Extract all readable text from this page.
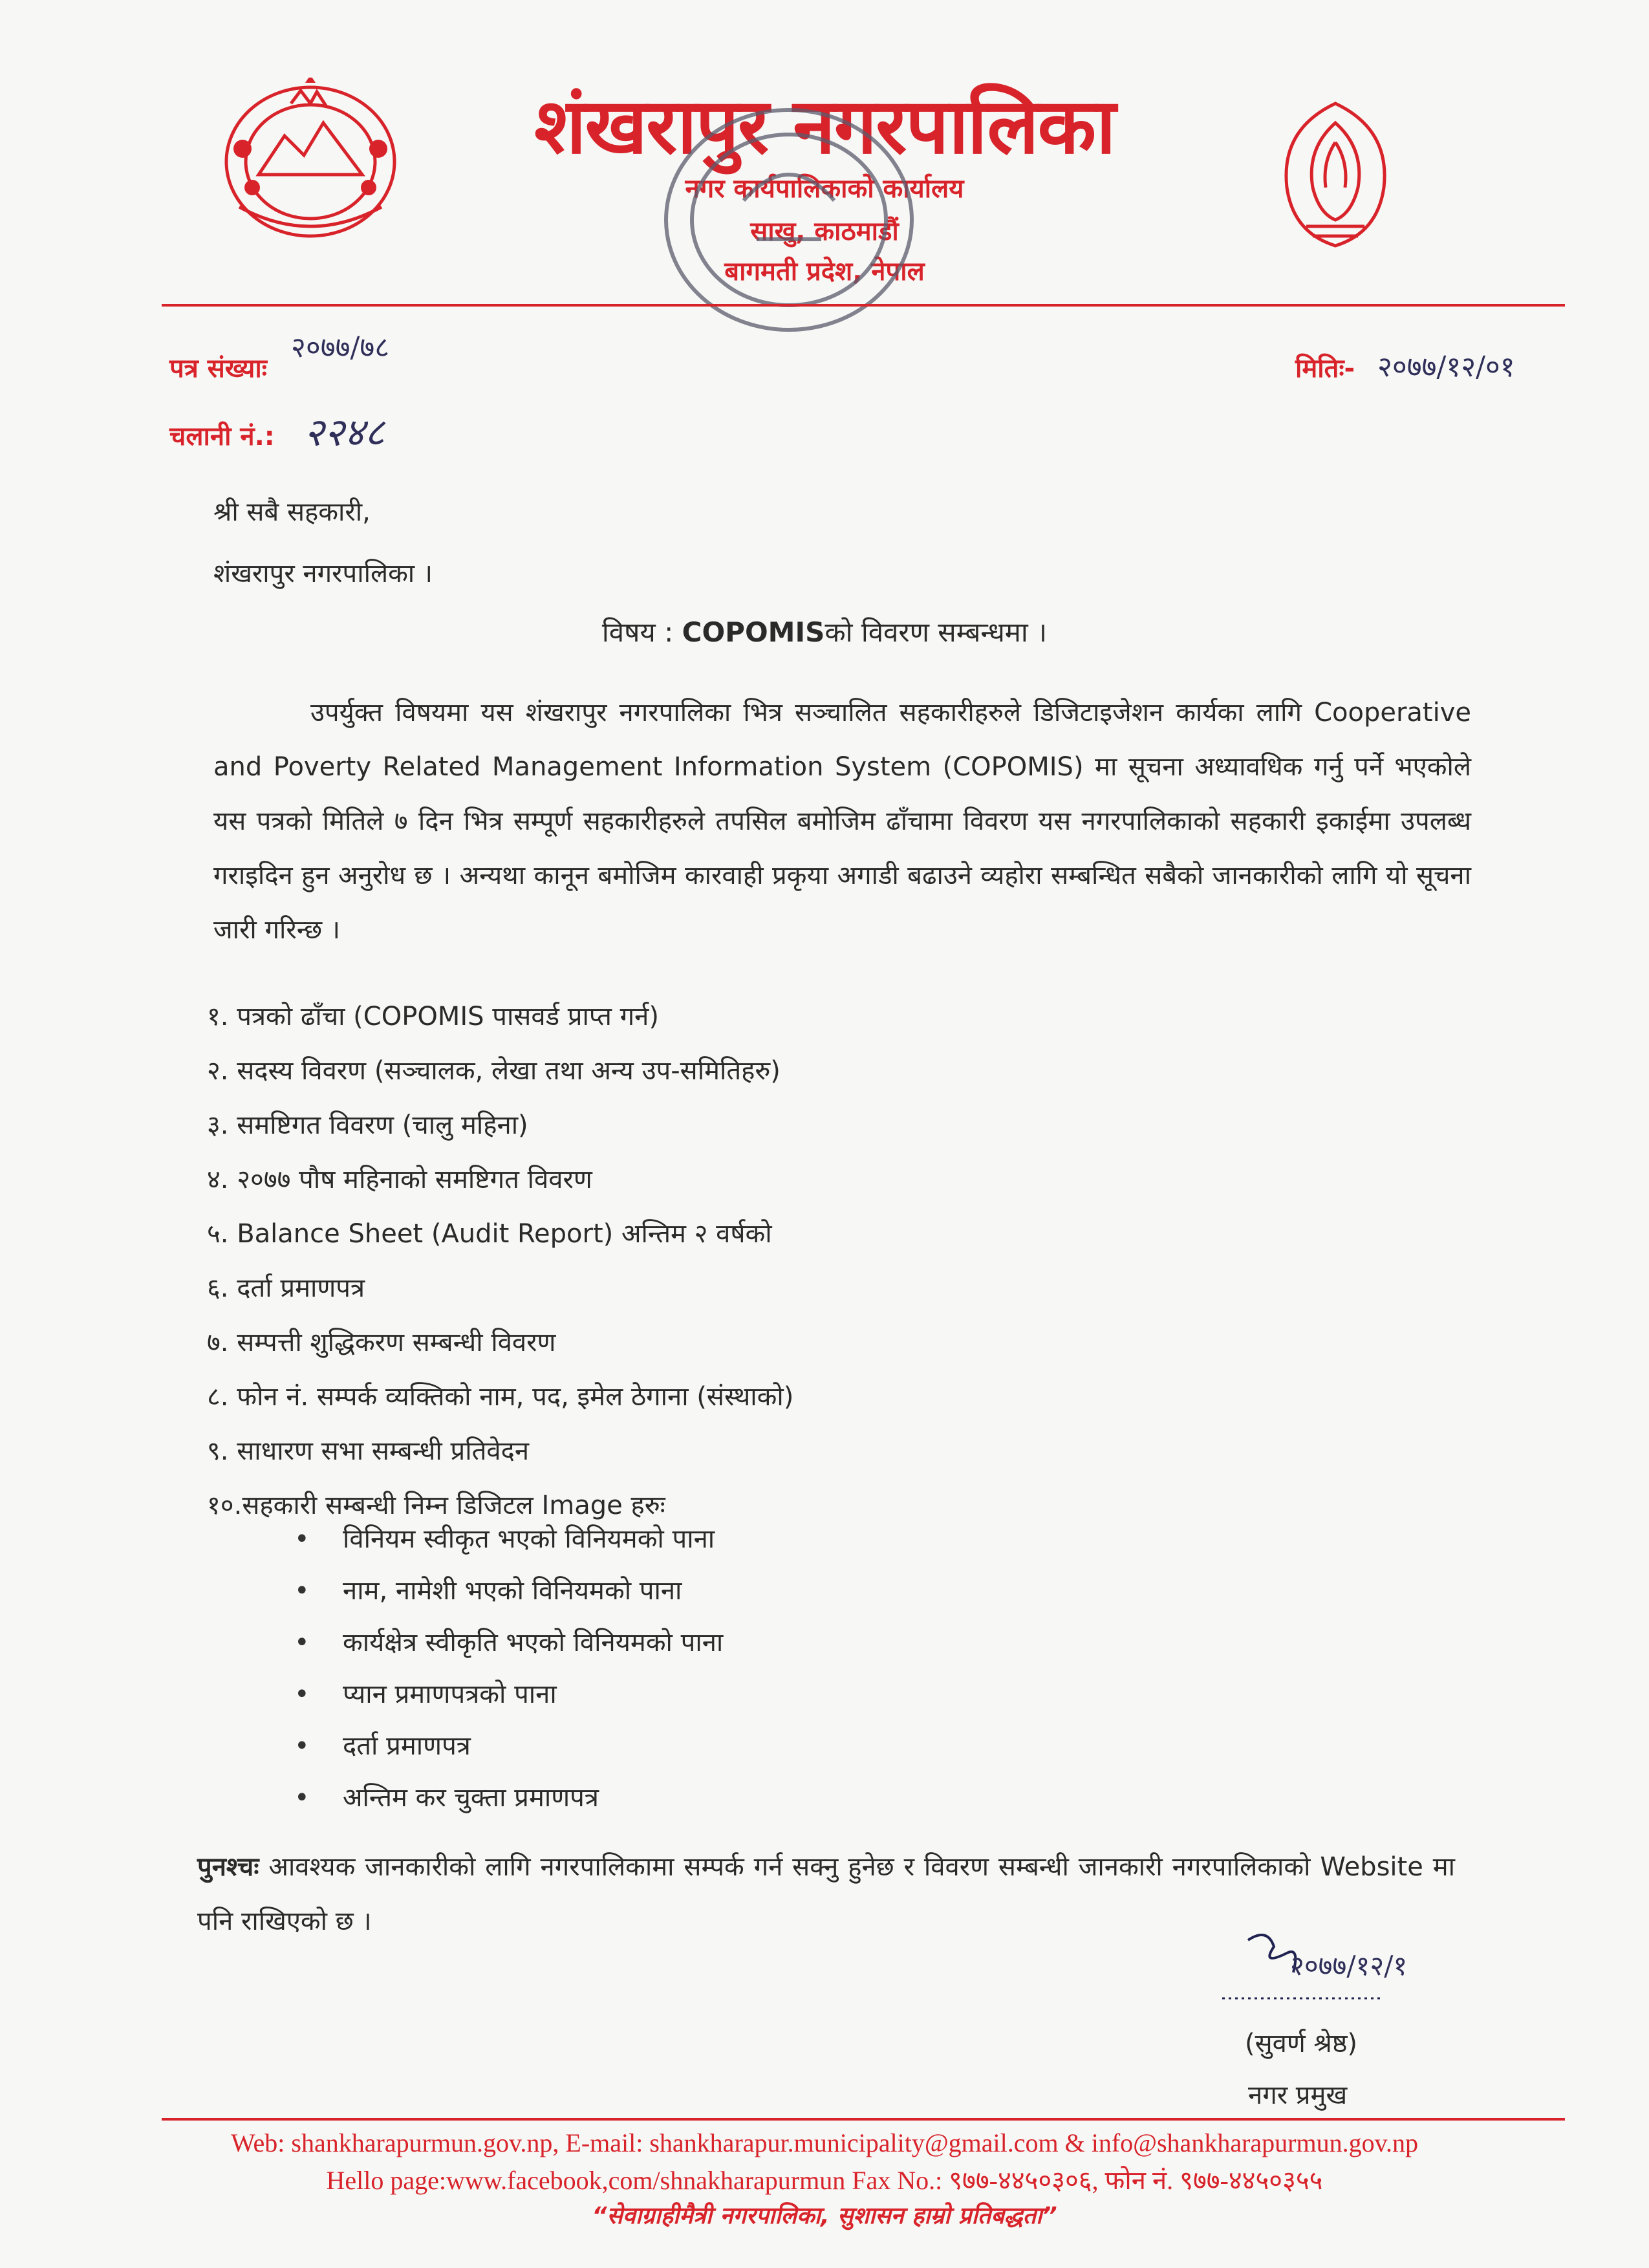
शंखरापुर नगरपालिका
नगर कार्यपालिकाको कार्यालय
साखु, काठमाडौं
बागमती प्रदेश, नेपाल
पत्र संख्याः
२०७७/७८
मितिः- २०७७/१२/०१
चलानी नं.: २२४८
श्री सबै सहकारी,
शंखरापुर नगरपालिका ।
विषय : COPOMISको विवरण सम्बन्धमा ।
उपर्युक्त विषयमा यस शंखरापुर नगरपालिका भित्र सञ्चालित सहकारीहरुले डिजिटाइजेशन कार्यका लागि Cooperative and Poverty Related Management Information System (COPOMIS) मा सूचना अध्यावधिक गर्नु पर्ने भएकोले यस पत्रको मितिले ७ दिन भित्र सम्पूर्ण सहकारीहरुले तपसिल बमोजिम ढाँचामा विवरण यस नगरपालिकाको सहकारी इकाईमा उपलब्ध गराइदिन हुन अनुरोध छ । अन्यथा कानून बमोजिम कारवाही प्रकृया अगाडी बढाउने व्यहोरा सम्बन्धित सबैको जानकारीको लागि यो सूचना जारी गरिन्छ ।
१. पत्रको ढाँचा (COPOMIS पासवर्ड प्राप्त गर्न)
२. सदस्य विवरण (सञ्चालक, लेखा तथा अन्य उप-समितिहरु)
३. समष्टिगत विवरण (चालु महिना)
४. २०७७ पौष महिनाको समष्टिगत विवरण
५. Balance Sheet (Audit Report) अन्तिम २ वर्षको
६. दर्ता प्रमाणपत्र
७. सम्पत्ती शुद्धिकरण सम्बन्धी विवरण
८. फोन नं. सम्पर्क व्यक्तिको नाम, पद, इमेल ठेगाना (संस्थाको)
९. साधारण सभा सम्बन्धी प्रतिवेदन
१०.सहकारी सम्बन्धी निम्न डिजिटल Image हरुः
• विनियम स्वीकृत भएको विनियमको पाना
• नाम, नामेशी भएको विनियमको पाना
• कार्यक्षेत्र स्वीकृति भएको विनियमको पाना
• प्यान प्रमाणपत्रको पाना
• दर्ता प्रमाणपत्र
• अन्तिम कर चुक्ता प्रमाणपत्र
पुनश्चः आवश्यक जानकारीको लागि नगरपालिकामा सम्पर्क गर्न सक्नु हुनेछ र विवरण सम्बन्धी जानकारी नगरपालिकाको Website मा पनि राखिएको छ ।
२०७७/१२/१
(सुवर्ण श्रेष्ठ)
नगर प्रमुख
Web: shankharapurmun.gov.np, E-mail: shankharapur.municipality@gmail.com & info@shankharapurmun.gov.np
Hello page:www.facebook,com/shnakharapurmun Fax No.: ९७७-४४५०३०६, फोन नं. ९७७-४४५०३५५
“सेवाग्राहीमैत्री नगरपालिका, सुशासन हाम्रो प्रतिबद्धता”
